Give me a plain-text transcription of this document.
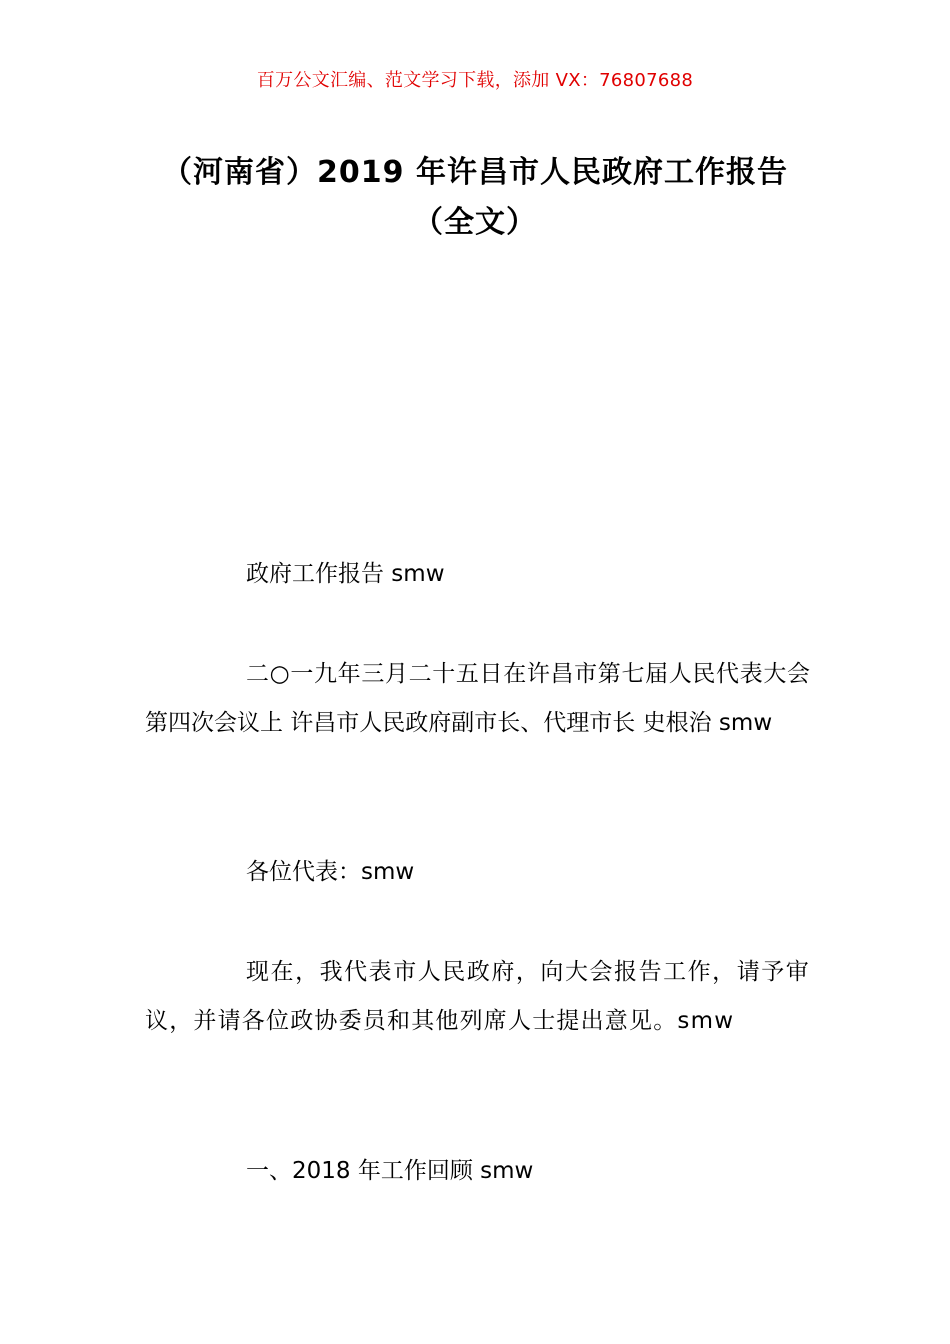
百万公文汇编、范文学习下载，添加 VX：76807688
（河南省）2019 年许昌市人民政府工作报告（全文）
政府工作报告 smw
二○一九年三月二十五日在许昌市第七届人民代表大会第四次会议上 许昌市人民政府副市长、代理市长 史根治 smw
各位代表：smw
现在，我代表市人民政府，向大会报告工作，请予审议，并请各位政协委员和其他列席人士提出意见。smw
一、2018 年工作回顾 smw
